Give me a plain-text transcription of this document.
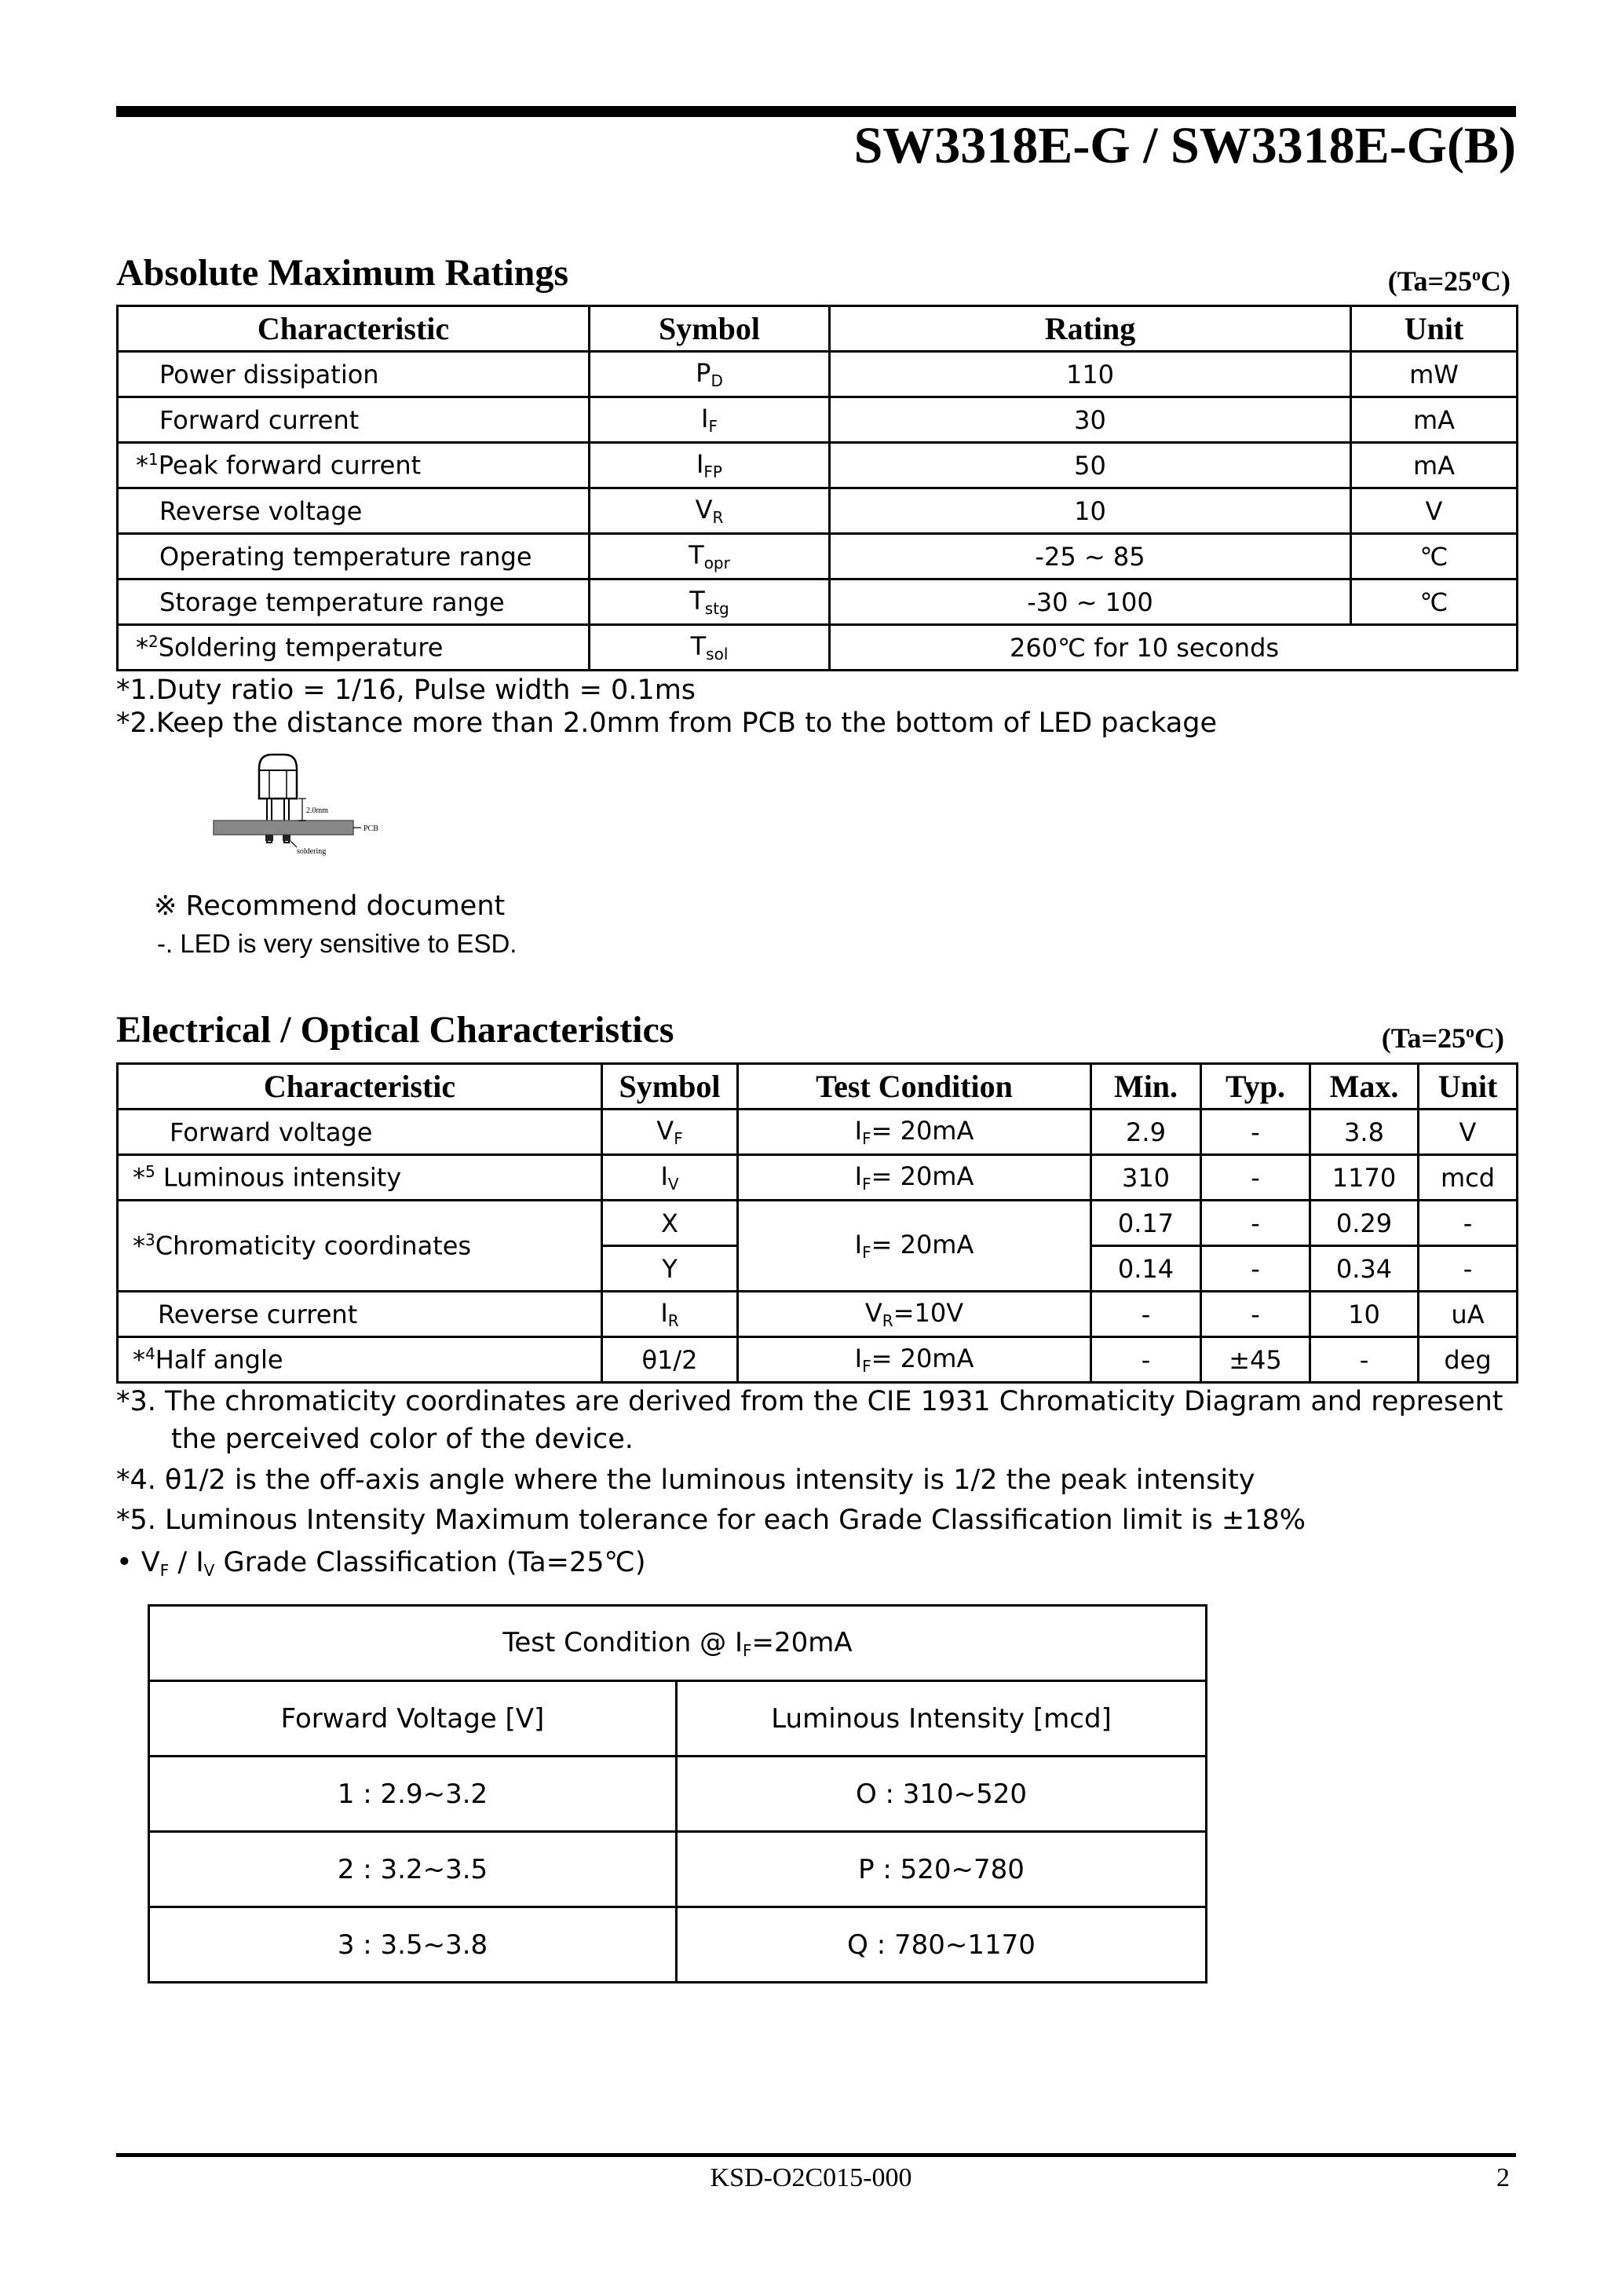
SW3318E-G / SW3318E-G(B)
Absolute Maximum Ratings	$(Ta=25^oC)$
Characteristic	Symbol	Rating	Unit
Power dissipation	$P_D$	110	mW
Forward current	$I_F$	30	mA
*$^1$Peak forward current	$I_{FP}$	50	mA
Reverse voltage	$V_R$	10	V
Operating temperature range	$T_{opr}$	-25 ~ 85	℃
Storage temperature range	$T_{stg}$	-30 ~ 100	℃
*$^2$Soldering temperature	$T_{sol}$	260℃ for 10 seconds	
*1.Duty ratio = 1/16, Pulse width = 0.1ms
*2.Keep the distance more than 2.0mm from PCB to the bottom of LED package
2.0mm
PCB
soldering
※ Recommend document
-. LED is very sensitive to ESD.
Electrical / Optical Characteristics	$(Ta=25^oC)$
Characteristic	Symbol	Test Condition	Min.	Typ.	Max.	Unit
Forward voltage	$V_F$	$I_F= 20mA$	2.9	-	3.8	V
*$^5$ Luminous intensity	$I_V$	$I_F= 20mA$	310	-	1170	mcd
*$^3$Chromaticity coordinates	X	$I_F= 20mA$	0.17	-	0.29	-
	Y		0.14	-	0.34	-
Reverse current	$I_R$	$V_R=10V$	-	-	10	uA
*$^4$Half angle	θ1/2	$I_F= 20mA$	-	±45	-	deg
*3. The chromaticity coordinates are derived from the CIE 1931 Chromaticity Diagram and represent
the perceived color of the device.
*4. θ1/2 is the off-axis angle where the luminous intensity is 1/2 the peak intensity
*5. Luminous Intensity Maximum tolerance for each Grade Classification limit is ±18%
• $V_F / I_V$ Grade Classification (Ta=25℃)
Test Condition @ $I_F=20mA$	
Forward Voltage [V]	Luminous Intensity [mcd]
1 : 2.9~3.2	O : 310~520
2 : 3.2~3.5	P : 520~780
3 : 3.5~3.8	Q : 780~1170
KSD-O2C015-000	2
